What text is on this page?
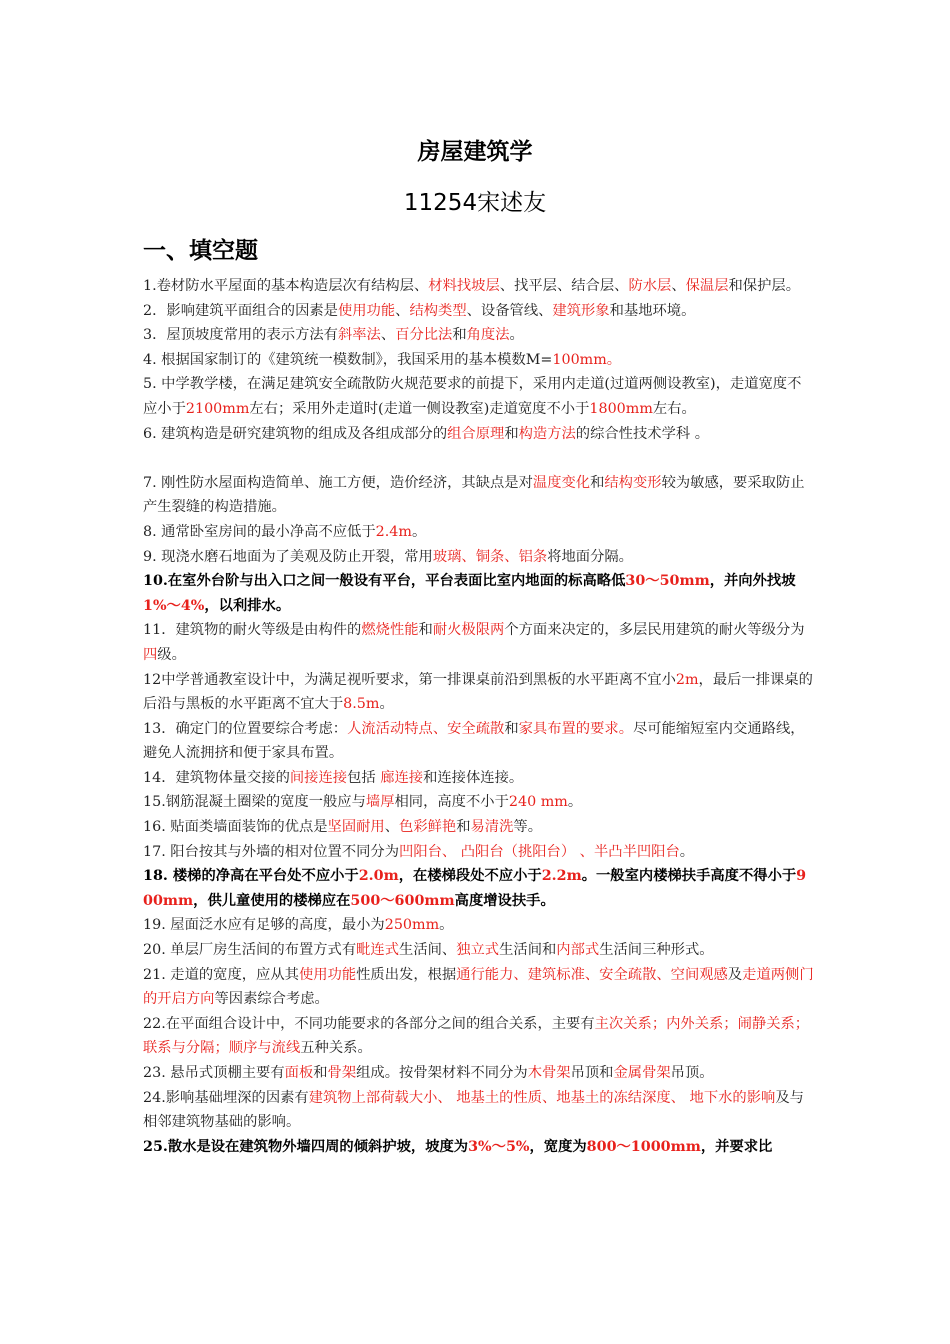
房屋建筑学
11254宋述友
一、填空题

1.卷材防水平屋面的基本构造层次有结构层、材料找坡层、找平层、结合层、防水层、保温层和保护层。

2．影响建筑平面组合的因素是使用功能、结构类型、设备管线、建筑形象和基地环境。

3．屋顶坡度常用的表示方法有斜率法、百分比法和角度法。

4. 根据国家制订的《建筑统一模数制》，我国采用的基本模数M=100mm。

5. 中学教学楼，在满足建筑安全疏散防火规范要求的前提下，采用内走道(过道两侧设教室)，走道宽度不应小于2100mm左右；采用外走道时(走道一侧设教室)走道宽度不小于1800mm左右。

6. 建筑构造是研究建筑物的组成及各组成部分的组合原理和构造方法的综合性技术学科 。

7. 刚性防水屋面构造简单、施工方便，造价经济，其缺点是对温度变化和结构变形较为敏感，要采取防止产生裂缝的构造措施。

8. 通常卧室房间的最小净高不应低于2.4m。

9. 现浇水磨石地面为了美观及防止开裂，常用玻璃、铜条、铝条将地面分隔。

10.在室外台阶与出入口之间一般设有平台，平台表面比室内地面的标高略低30～50mm，并向外找坡1%～4%，以利排水。

11．建筑物的耐火等级是由构件的燃烧性能和耐火极限两个方面来决定的，多层民用建筑的耐火等级分为四级。

12中学普通教室设计中，为满足视听要求，第一排课桌前沿到黑板的水平距离不宜小2m，最后一排课桌的后沿与黑板的水平距离不宜大于8.5m。

13．确定门的位置要综合考虑：人流活动特点、安全疏散和家具布置的要求。尽可能缩短室内交通路线，避免人流拥挤和便于家具布置。

14．建筑物体量交接的间接连接包括 廊连接和连接体连接。

15.钢筋混凝土圈梁的宽度一般应与墙厚相同，高度不小于240 mm。

16. 贴面类墙面装饰的优点是坚固耐用、色彩鲜艳和易清洗等。

17. 阳台按其与外墙的相对位置不同分为凹阳台、 凸阳台（挑阳台） 、半凸半凹阳台。

18. 楼梯的净高在平台处不应小于2.0m，在楼梯段处不应小于2.2m。一般室内楼梯扶手高度不得小于900mm，供儿童使用的楼梯应在500～600mm高度增设扶手。

19. 屋面泛水应有足够的高度，最小为250mm。

20. 单层厂房生活间的布置方式有毗连式生活间、独立式生活间和内部式生活间三种形式。

21. 走道的宽度，应从其使用功能性质出发，根据通行能力、建筑标准、安全疏散、空间观感及走道两侧门的开启方向等因素综合考虑。

22.在平面组合设计中，不同功能要求的各部分之间的组合关系，主要有主次关系；内外关系；闹静关系；联系与分隔；顺序与流线五种关系。

23. 悬吊式顶棚主要有面板和骨架组成。按骨架材料不同分为木骨架吊顶和金属骨架吊顶。

24.影响基础埋深的因素有建筑物上部荷载大小、 地基土的性质、地基土的冻结深度、 地下水的影响及与相邻建筑物基础的影响。

25.散水是设在建筑物外墙四周的倾斜护坡，坡度为3%～5%，宽度为800～1000mm，并要求比
